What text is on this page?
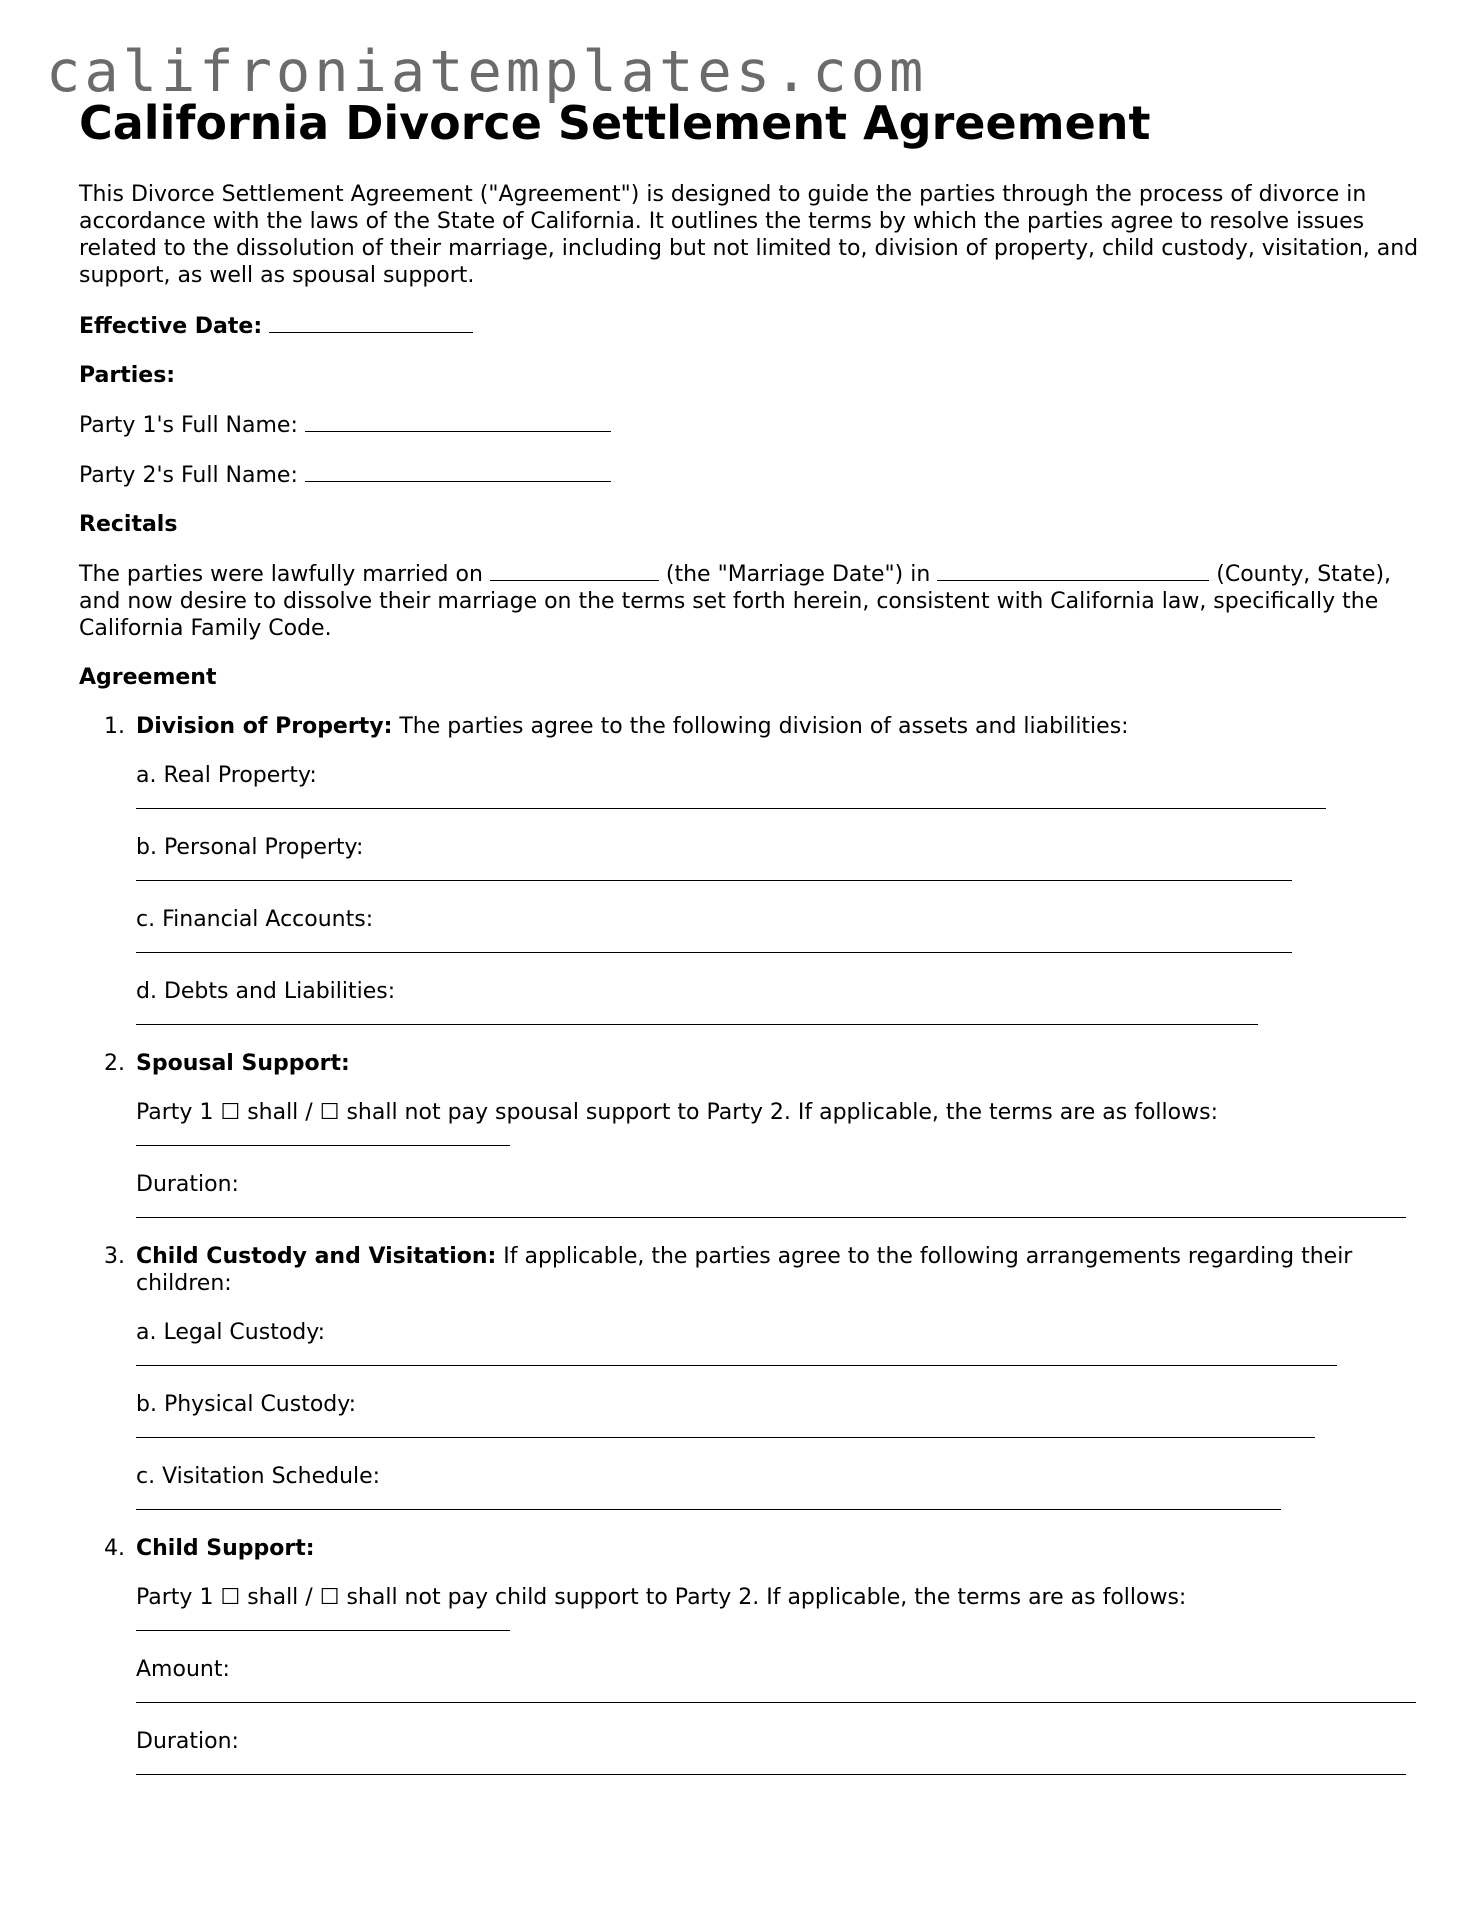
califroniatemplates.com
California Divorce Settlement Agreement

This Divorce Settlement Agreement ("Agreement") is designed to guide the parties through the process of divorce in accordance with the laws of the State of California. It outlines the terms by which the parties agree to resolve issues related to the dissolution of their marriage, including but not limited to, division of property, child custody, visitation, and support, as well as spousal support.

Effective Date:

Parties:

Party 1's Full Name:

Party 2's Full Name:

Recitals

The parties were lawfully married on	(the "Marriage Date") in	(County, State), and now desire to dissolve their marriage on the terms set forth herein, consistent with California law, specifically the California Family Code.

Agreement

1. Division of Property: The parties agree to the following division of assets and liabilities:

a. Real Property:

b. Personal Property:

c. Financial Accounts:

d. Debts and Liabilities:

2. Spousal Support:

Party 1 ☐ shall / ☐ shall not pay spousal support to Party 2. If applicable, the terms are as follows:

Duration:

3. Child Custody and Visitation: If applicable, the parties agree to the following arrangements regarding their children:

a. Legal Custody:

b. Physical Custody:

c. Visitation Schedule:

4. Child Support:

Party 1 ☐ shall / ☐ shall not pay child support to Party 2. If applicable, the terms are as follows:

Amount:

Duration:
